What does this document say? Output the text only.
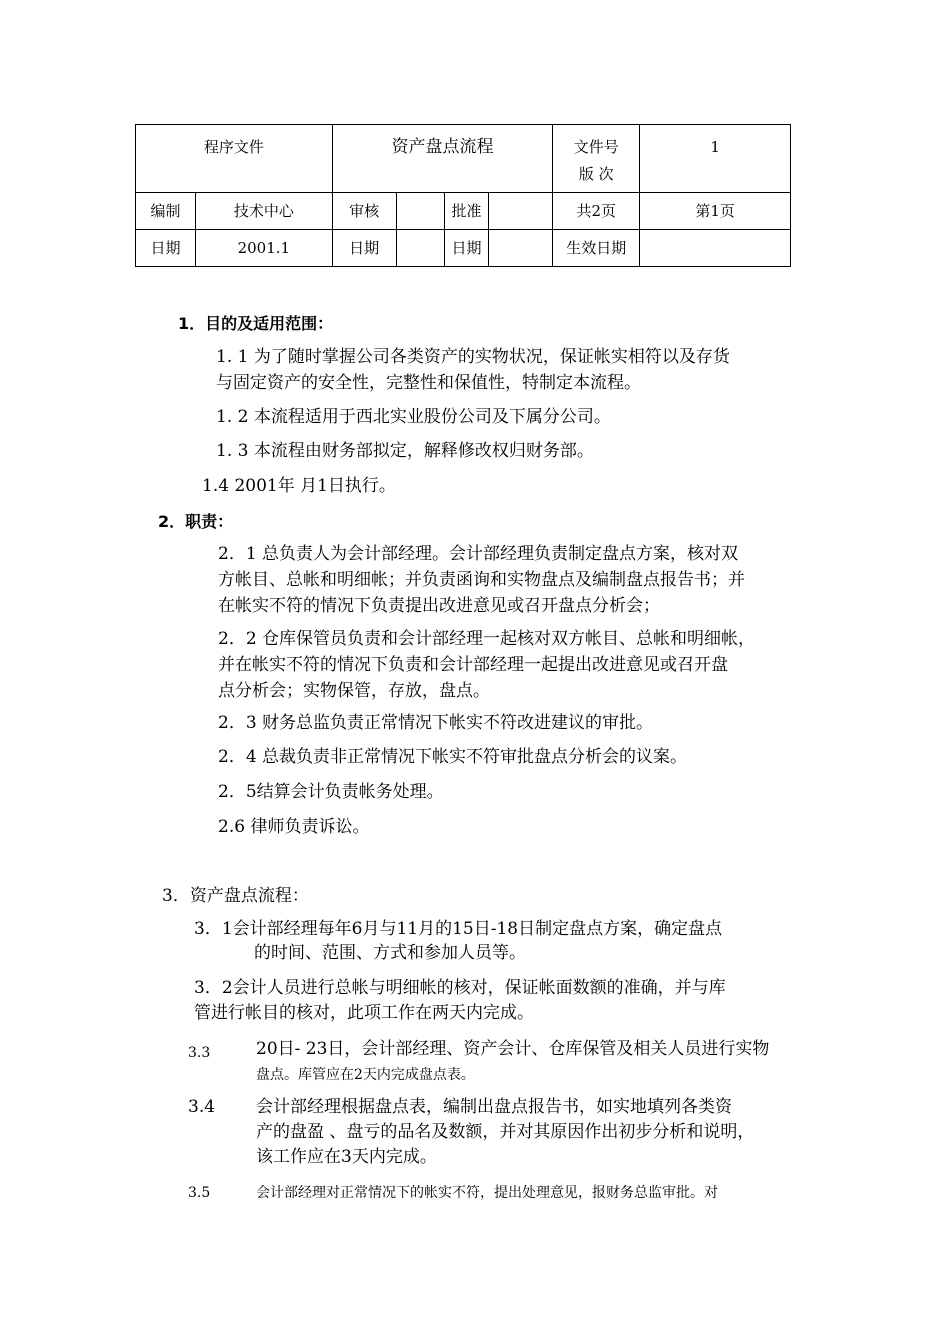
程序文件		资产盘点流程				文件号

版 次	1
编制	技术中心	审核		批准		共2页	第1页
日期	2001.1	日期		日期		生效日期	
1．目的及适用范围：
1. 1 为了随时掌握公司各类资产的实物状况，保证帐实相符以及存货
与固定资产的安全性，完整性和保值性，特制定本流程。
1. 2 本流程适用于西北实业股份公司及下属分公司。
1. 3 本流程由财务部拟定，解释修改权归财务部。
1.4 2001年 月1日执行。
2．职责：
2．1 总负责人为会计部经理。会计部经理负责制定盘点方案，核对双
方帐目、总帐和明细帐；并负责函询和实物盘点及编制盘点报告书；并
在帐实不符的情况下负责提出改进意见或召开盘点分析会；
2．2 仓库保管员负责和会计部经理一起核对双方帐目、总帐和明细帐，
并在帐实不符的情况下负责和会计部经理一起提出改进意见或召开盘
点分析会；实物保管，存放，盘点。
2．3 财务总监负责正常情况下帐实不符改进建议的审批。
2．4 总裁负责非正常情况下帐实不符审批盘点分析会的议案。
2．5结算会计负责帐务处理。
2.6 律师负责诉讼。
3．资产盘点流程：
3．1会计部经理每年6月与11月的15日-18日制定盘点方案，确定盘点
的时间、范围、方式和参加人员等。
3．2会计人员进行总帐与明细帐的核对，保证帐面数额的准确，并与库
管进行帐目的核对，此项工作在两天内完成。
3.3	20日- 23日，会计部经理、资产会计、仓库保管及相关人员进行实物
盘点。库管应在2天内完成盘点表。
3.4 会计部经理根据盘点表，编制出盘点报告书，如实地填列各类资
产的盘盈 、盘亏的品名及数额，并对其原因作出初步分析和说明，
该工作应在3天内完成。
3.5	会计部经理对正常情况下的帐实不符，提出处理意见，报财务总监审批。对
